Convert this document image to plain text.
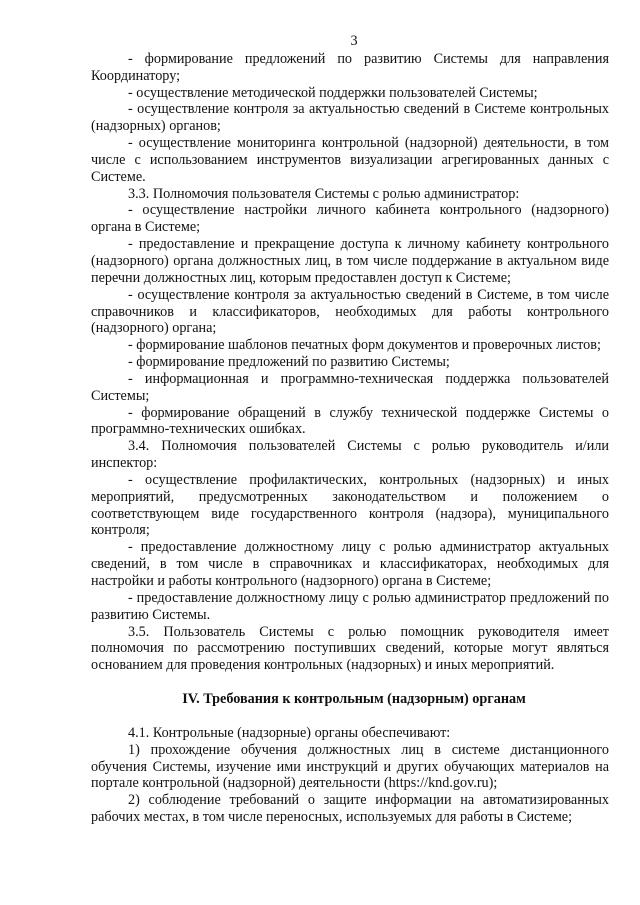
3

- формирование предложений по развитию Системы для направления Координатору;

- осуществление методической поддержки пользователей Системы;

- осуществление контроля за актуальностью сведений в Системе контрольных (надзорных) органов;

- осуществление мониторинга контрольной (надзорной) деятельности, в том числе с использованием инструментов визуализации агрегированных данных с Системе.

3.3. Полномочия пользователя Системы с ролью администратор:

- осуществление настройки личного кабинета контрольного (надзорного) органа в Системе;

- предоставление и прекращение доступа к личному кабинету контрольного (надзорного) органа должностных лиц, в том числе поддержание в актуальном виде перечни должностных лиц, которым предоставлен доступ к Системе;

- осуществление контроля за актуальностью сведений в Системе, в том числе справочников и классификаторов, необходимых для работы контрольного (надзорного) органа;

- формирование шаблонов печатных форм документов и проверочных листов;

- формирование предложений по развитию Системы;

- информационная и программно-техническая поддержка пользователей Системы;

- формирование обращений в службу технической поддержке Системы о программно-технических ошибках.

3.4. Полномочия пользователей Системы с ролью руководитель и/или инспектор:

- осуществление профилактических, контрольных (надзорных) и иных мероприятий, предусмотренных законодательством и положением о соответствующем виде государственного контроля (надзора), муниципального контроля;

- предоставление должностному лицу с ролью администратор актуальных сведений, в том числе в справочниках и классификаторах, необходимых для настройки и работы контрольного (надзорного) органа в Системе;

- предоставление должностному лицу с ролью администратор предложений по развитию Системы.

3.5. Пользователь Системы с ролью помощник руководителя имеет полномочия по рассмотрению поступивших сведений, которые могут являться основанием для проведения контрольных (надзорных) и иных мероприятий.

IV. Требования к контрольным (надзорным) органам

4.1. Контрольные (надзорные) органы обеспечивают:

1) прохождение обучения должностных лиц в системе дистанционного обучения Системы, изучение ими инструкций и других обучающих материалов на портале контрольной (надзорной) деятельности (https://knd.gov.ru);

2) соблюдение требований о защите информации на автоматизированных рабочих местах, в том числе переносных, используемых для работы в Системе;
